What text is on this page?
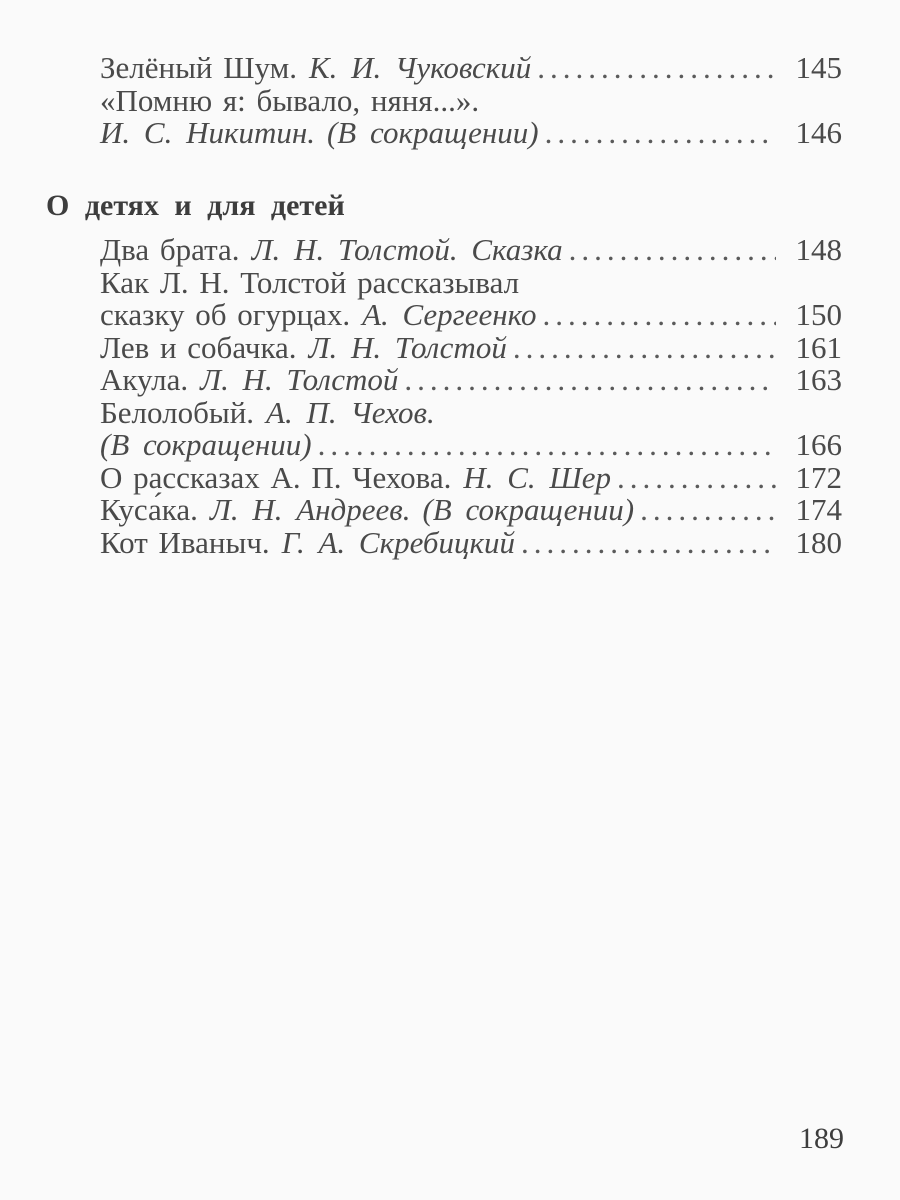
Зелёный Шум. К. И. Чуковский .....	145
«Помню я: бывало, няня...».
И. С. Никитин. (В сокращении) .....	146
О детях и для детей
Два брата. Л. Н. Толстой. Сказка .....	148
Как Л. Н. Толстой рассказывал
сказку об огурцах. А. Сергеенко .....	150
Лев и собачка. Л. Н. Толстой .....	161
Акула. Л. Н. Толстой .....	163
Белолобый. А. П. Чехов.
(В сокращении) .....	166
О рассказах А. П. Чехова. Н. С. Шер .....	172
Куса́ка. Л. Н. Андреев. (В сокращении) .....	174
Кот Иваныч. Г. А. Скребицкий .....	180
189
